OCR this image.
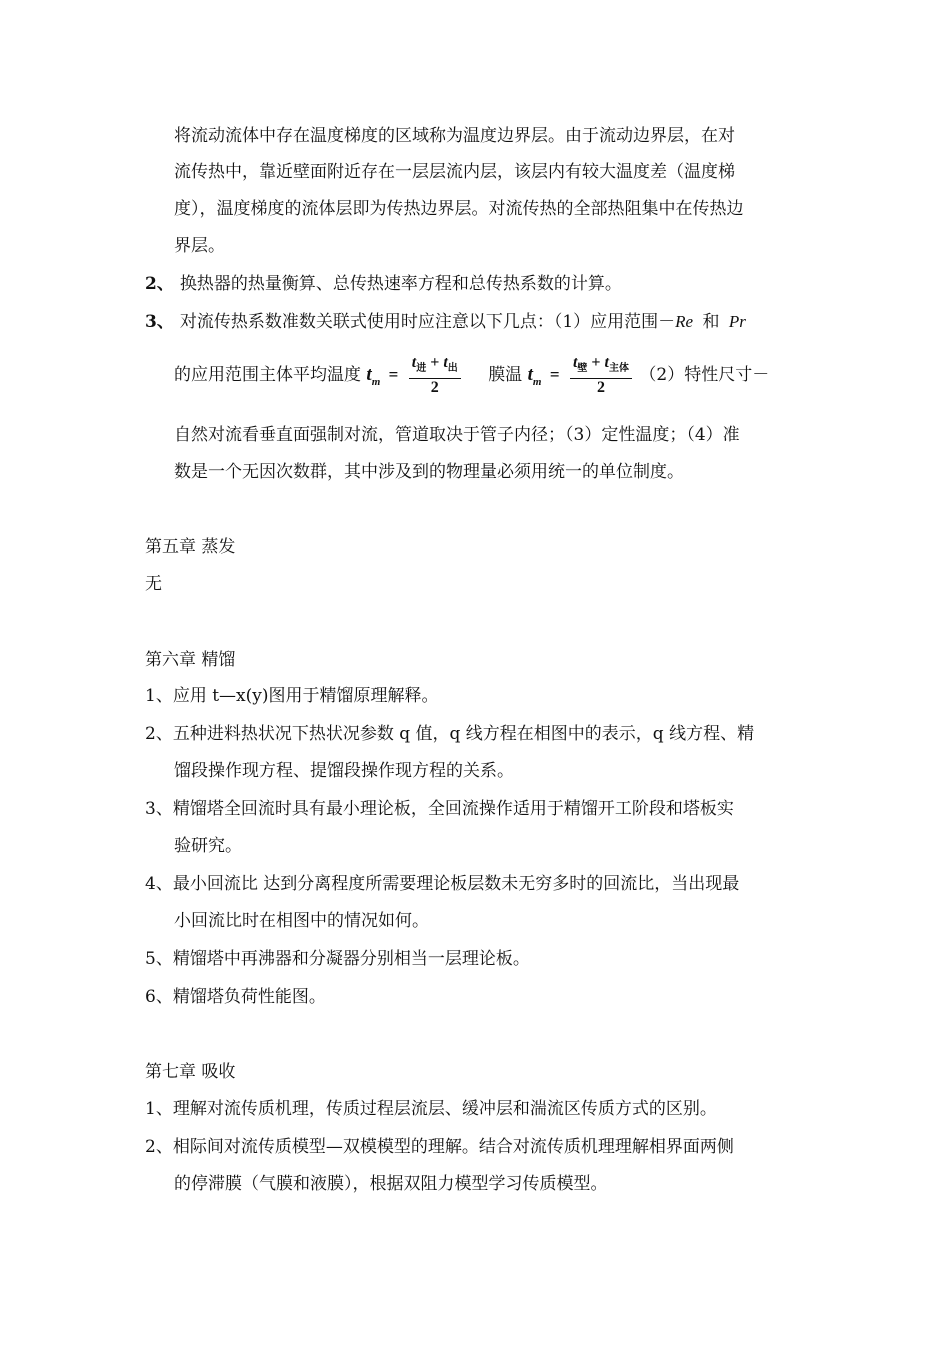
将流动流体中存在温度梯度的区域称为温度边界层。由于流动边界层，在对
流传热中，靠近壁面附近存在一层层流内层，该层内有较大温度差（温度梯
度），温度梯度的流体层即为传热边界层。对流传热的全部热阻集中在传热边
界层。
2、 换热器的热量衡算、总传热速率方程和总传热系数的计算。
3、 对流传热系数准数关联式使用时应注意以下几点：（1）应用范围－Re 和 Pr
的应用范围主体平均温度 $t_m = \frac{t_进 + t_出}{2}$ 膜温 $t_m = \frac{t_壁 + t_{主体}}{2} (2)$特性尺寸－
自然对流看垂直面强制对流，管道取决于管子内径；（3）定性温度；（4）准
数是一个无因次数群，其中涉及到的物理量必须用统一的单位制度。
第五章 蒸发
无
第六章 精馏
1、应用 t—x(y)图用于精馏原理解释。
2、五种进料热状况下热状况参数 q 值，q 线方程在相图中的表示，q 线方程、精
馏段操作现方程、提馏段操作现方程的关系。
3、精馏塔全回流时具有最小理论板，全回流操作适用于精馏开工阶段和塔板实
验研究。
4、最小回流比 达到分离程度所需要理论板层数未无穷多时的回流比，当出现最
小回流比时在相图中的情况如何。
5、精馏塔中再沸器和分凝器分别相当一层理论板。
6、精馏塔负荷性能图。
第七章 吸收
1、理解对流传质机理，传质过程层流层、缓冲层和湍流区传质方式的区别。
2、相际间对流传质模型—双模模型的理解。结合对流传质机理理解相界面两侧
的停滞膜（气膜和液膜），根据双阻力模型学习传质模型。
